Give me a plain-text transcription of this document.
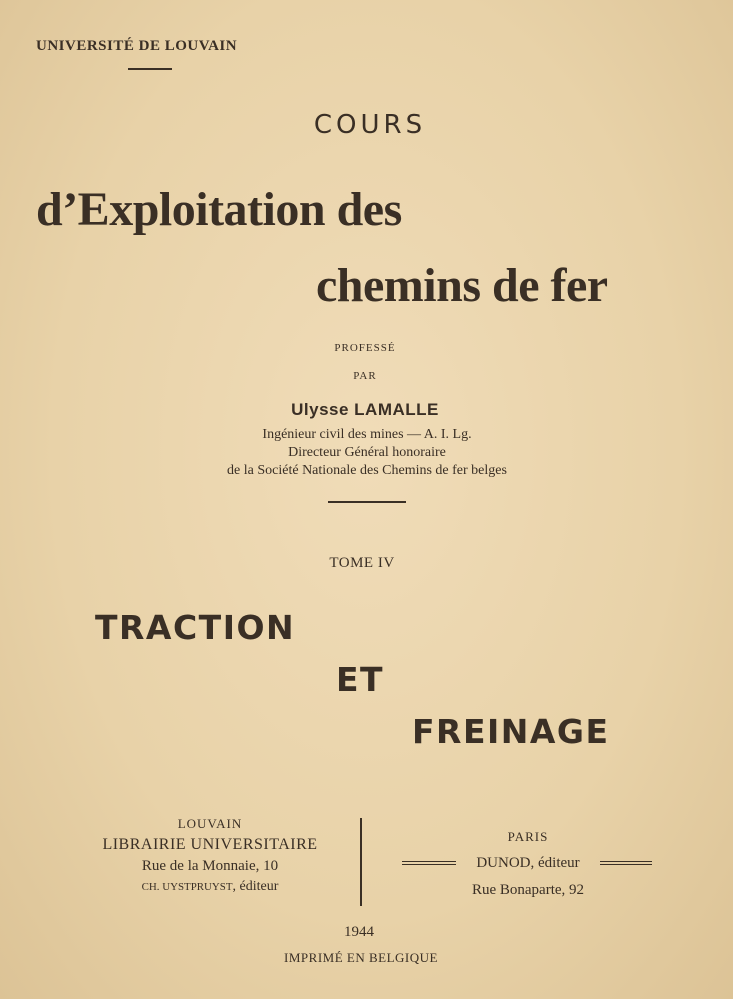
UNIVERSITÉ DE LOUVAIN
COURS
d’Exploitation des
chemins de fer
PROFESSÉ
PAR
Ulysse LAMALLE
Ingénieur civil des mines — A. I. Lg.
Directeur Général honoraire
de la Société Nationale des Chemins de fer belges
TOME IV
TRACTION
ET
FREINAGE
LOUVAIN
LIBRAIRIE UNIVERSITAIRE
Rue de la Monnaie, 10
CH. UYSTPRUYST, éditeur
PARIS
DUNOD, éditeur
Rue Bonaparte, 92
1944
IMPRIMÉ EN BELGIQUE
